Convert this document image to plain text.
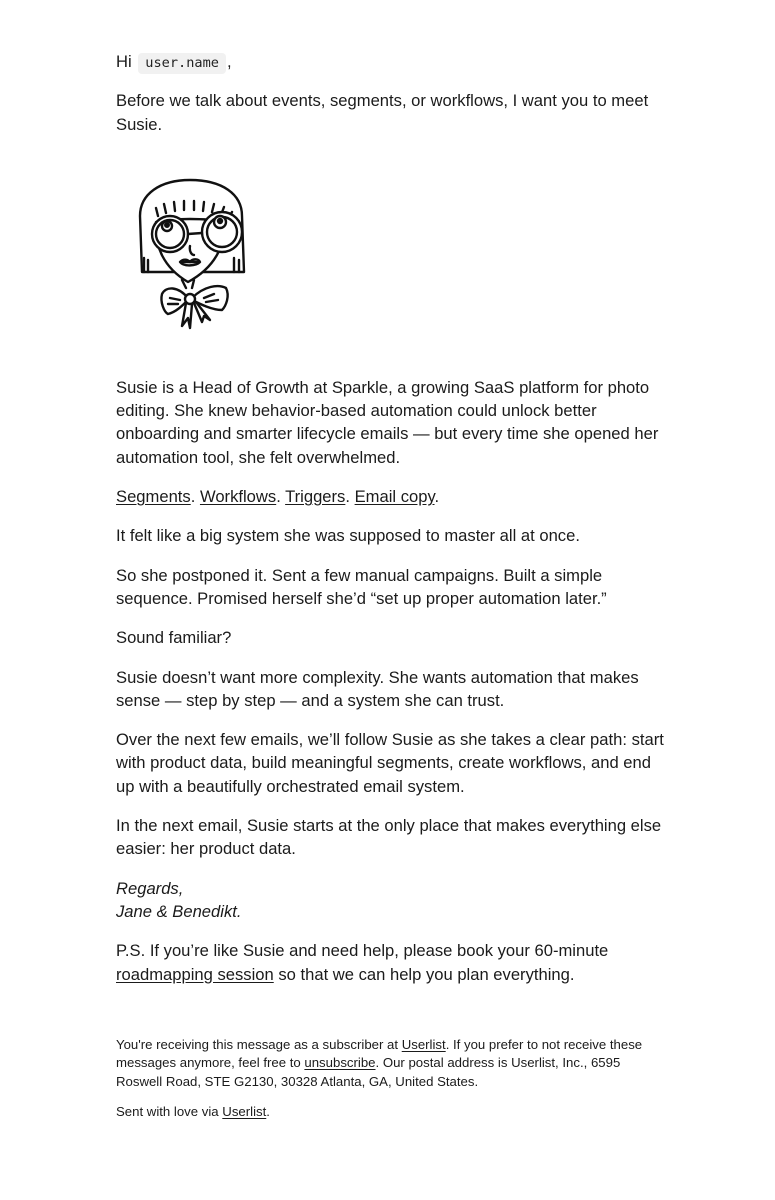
Hi user.name ,

Before we talk about events, segments, or workflows, I want you to meet Susie.

Susie is a Head of Growth at Sparkle, a growing SaaS platform for photo editing. She knew behavior-based automation could unlock better onboarding and smarter lifecycle emails — but every time she opened her automation tool, she felt overwhelmed.

Segments. Workflows. Triggers. Email copy.

It felt like a big system she was supposed to master all at once.

So she postponed it. Sent a few manual campaigns. Built a simple sequence. Promised herself she’d “set up proper automation later.”

Sound familiar?

Susie doesn’t want more complexity. She wants automation that makes sense — step by step — and a system she can trust.

Over the next few emails, we’ll follow Susie as she takes a clear path: start with product data, build meaningful segments, create workflows, and end up with a beautifully orchestrated email system.

In the next email, Susie starts at the only place that makes everything else easier: her product data.

Regards,
Jane & Benedikt.

P.S. If you’re like Susie and need help, please book your 60-minute roadmapping session so that we can help you plan everything.

You're receiving this message as a subscriber at Userlist. If you prefer to not receive these messages anymore, feel free to unsubscribe. Our postal address is Userlist, Inc., 6595 Roswell Road, STE G2130, 30328 Atlanta, GA, United States.

Sent with love via Userlist.
